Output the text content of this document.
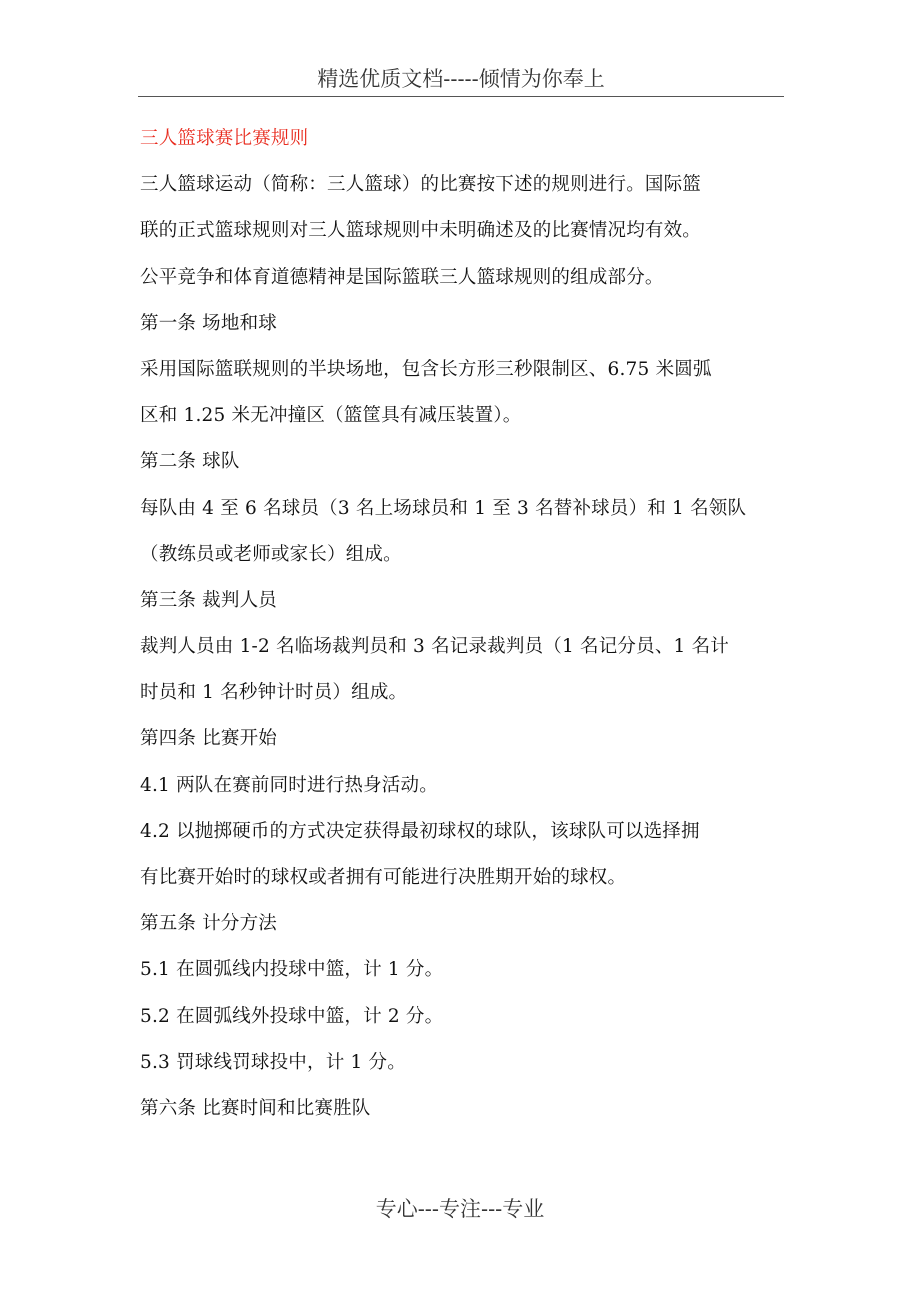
精选优质文档-----倾情为你奉上
三人篮球赛比赛规则
三人篮球运动（简称：三人篮球）的比赛按下述的规则进行。国际篮
联的正式篮球规则对三人篮球规则中未明确述及的比赛情况均有效。
公平竞争和体育道德精神是国际篮联三人篮球规则的组成部分。
第一条 场地和球
采用国际篮联规则的半块场地，包含长方形三秒限制区、6.75 米圆弧
区和 1.25 米无冲撞区（篮筐具有减压装置）。
第二条 球队
每队由 4 至 6 名球员（3 名上场球员和 1 至 3 名替补球员）和 1 名领队
（教练员或老师或家长）组成。
第三条 裁判人员
裁判人员由 1-2 名临场裁判员和 3 名记录裁判员（1 名记分员、1 名计
时员和 1 名秒钟计时员）组成。
第四条 比赛开始
4.1 两队在赛前同时进行热身活动。
4.2 以抛掷硬币的方式决定获得最初球权的球队，该球队可以选择拥
有比赛开始时的球权或者拥有可能进行决胜期开始的球权。
第五条 计分方法
5.1 在圆弧线内投球中篮，计 1 分。
5.2 在圆弧线外投球中篮，计 2 分。
5.3 罚球线罚球投中，计 1 分。
第六条 比赛时间和比赛胜队
专心---专注---专业
